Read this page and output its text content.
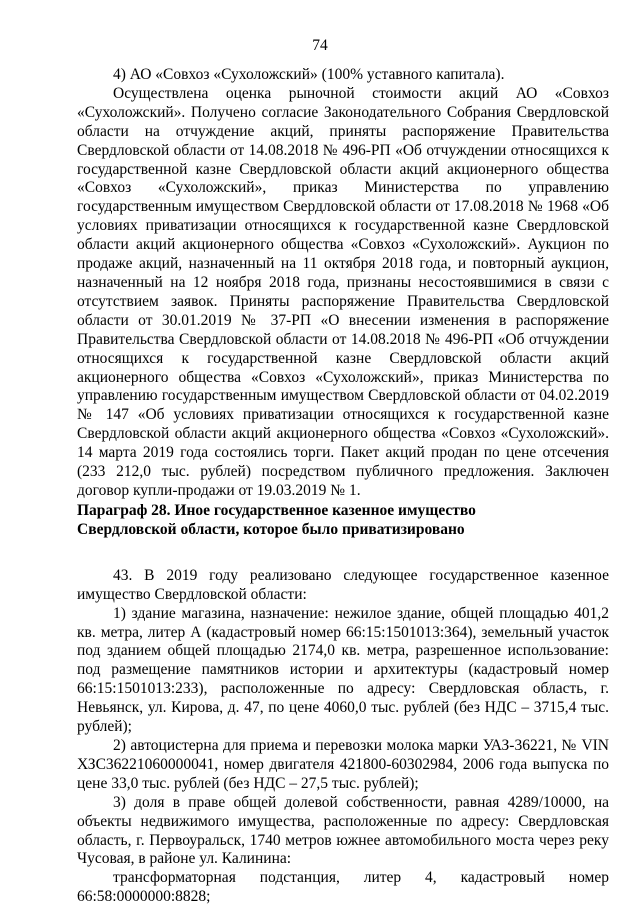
74

4) АО «Совхоз «Сухоложский» (100% уставного капитала).

Осуществлена оценка рыночной стоимости акций АО «Совхоз «Сухоложский». Получено согласие Законодательного Собрания Свердловской области на отчуждение акций, приняты распоряжение Правительства Свердловской области от 14.08.2018 № 496-РП «Об отчуждении относящихся к государственной казне Свердловской области акций акционерного общества «Совхоз «Сухоложский», приказ Министерства по управлению государственным имуществом Свердловской области от 17.08.2018 № 1968 «Об условиях приватизации относящихся к государственной казне Свердловской области акций акционерного общества «Совхоз «Сухоложский». Аукцион по продаже акций, назначенный на 11 октября 2018 года, и повторный аукцион, назначенный на 12 ноября 2018 года, признаны несостоявшимися в связи с отсутствием заявок. Приняты распоряжение Правительства Свердловской области от 30.01.2019 № 37-РП «О внесении изменения в распоряжение Правительства Свердловской области от 14.08.2018 № 496-РП «Об отчуждении относящихся к государственной казне Свердловской области акций акционерного общества «Совхоз «Сухоложский», приказ Министерства по управлению государственным имуществом Свердловской области от 04.02.2019 № 147 «Об условиях приватизации относящихся к государственной казне Свердловской области акций акционерного общества «Совхоз «Сухоложский». 14 марта 2019 года состоялись торги. Пакет акций продан по цене отсечения (233 212,0 тыс. рублей) посредством публичного предложения. Заключен договор купли-продажи от 19.03.2019 № 1.

Параграф 28. Иное государственное казенное имущество
Свердловской области, которое было приватизировано

43. В 2019 году реализовано следующее государственное казенное имущество Свердловской области:

1) здание магазина, назначение: нежилое здание, общей площадью 401,2 кв. метра, литер А (кадастровый номер 66:15:1501013:364), земельный участок под зданием общей площадью 2174,0 кв. метра, разрешенное использование: под размещение памятников истории и архитектуры (кадастровый номер 66:15:1501013:233), расположенные по адресу: Свердловская область, г. Невьянск, ул. Кирова, д. 47, по цене 4060,0 тыс. рублей (без НДС – 3715,4 тыс. рублей);

2) автоцистерна для приема и перевозки молока марки УАЗ-36221, № VIN ХЗС36221060000041, номер двигателя 421800-60302984, 2006 года выпуска по цене 33,0 тыс. рублей (без НДС – 27,5 тыс. рублей);

3) доля в праве общей долевой собственности, равная 4289/10000, на объекты недвижимого имущества, расположенные по адресу: Свердловская область, г. Первоуральск, 1740 метров южнее автомобильного моста через реку Чусовая, в районе ул. Калинина:

трансформаторная подстанция, литер 4, кадастровый номер 66:58:0000000:8828;
